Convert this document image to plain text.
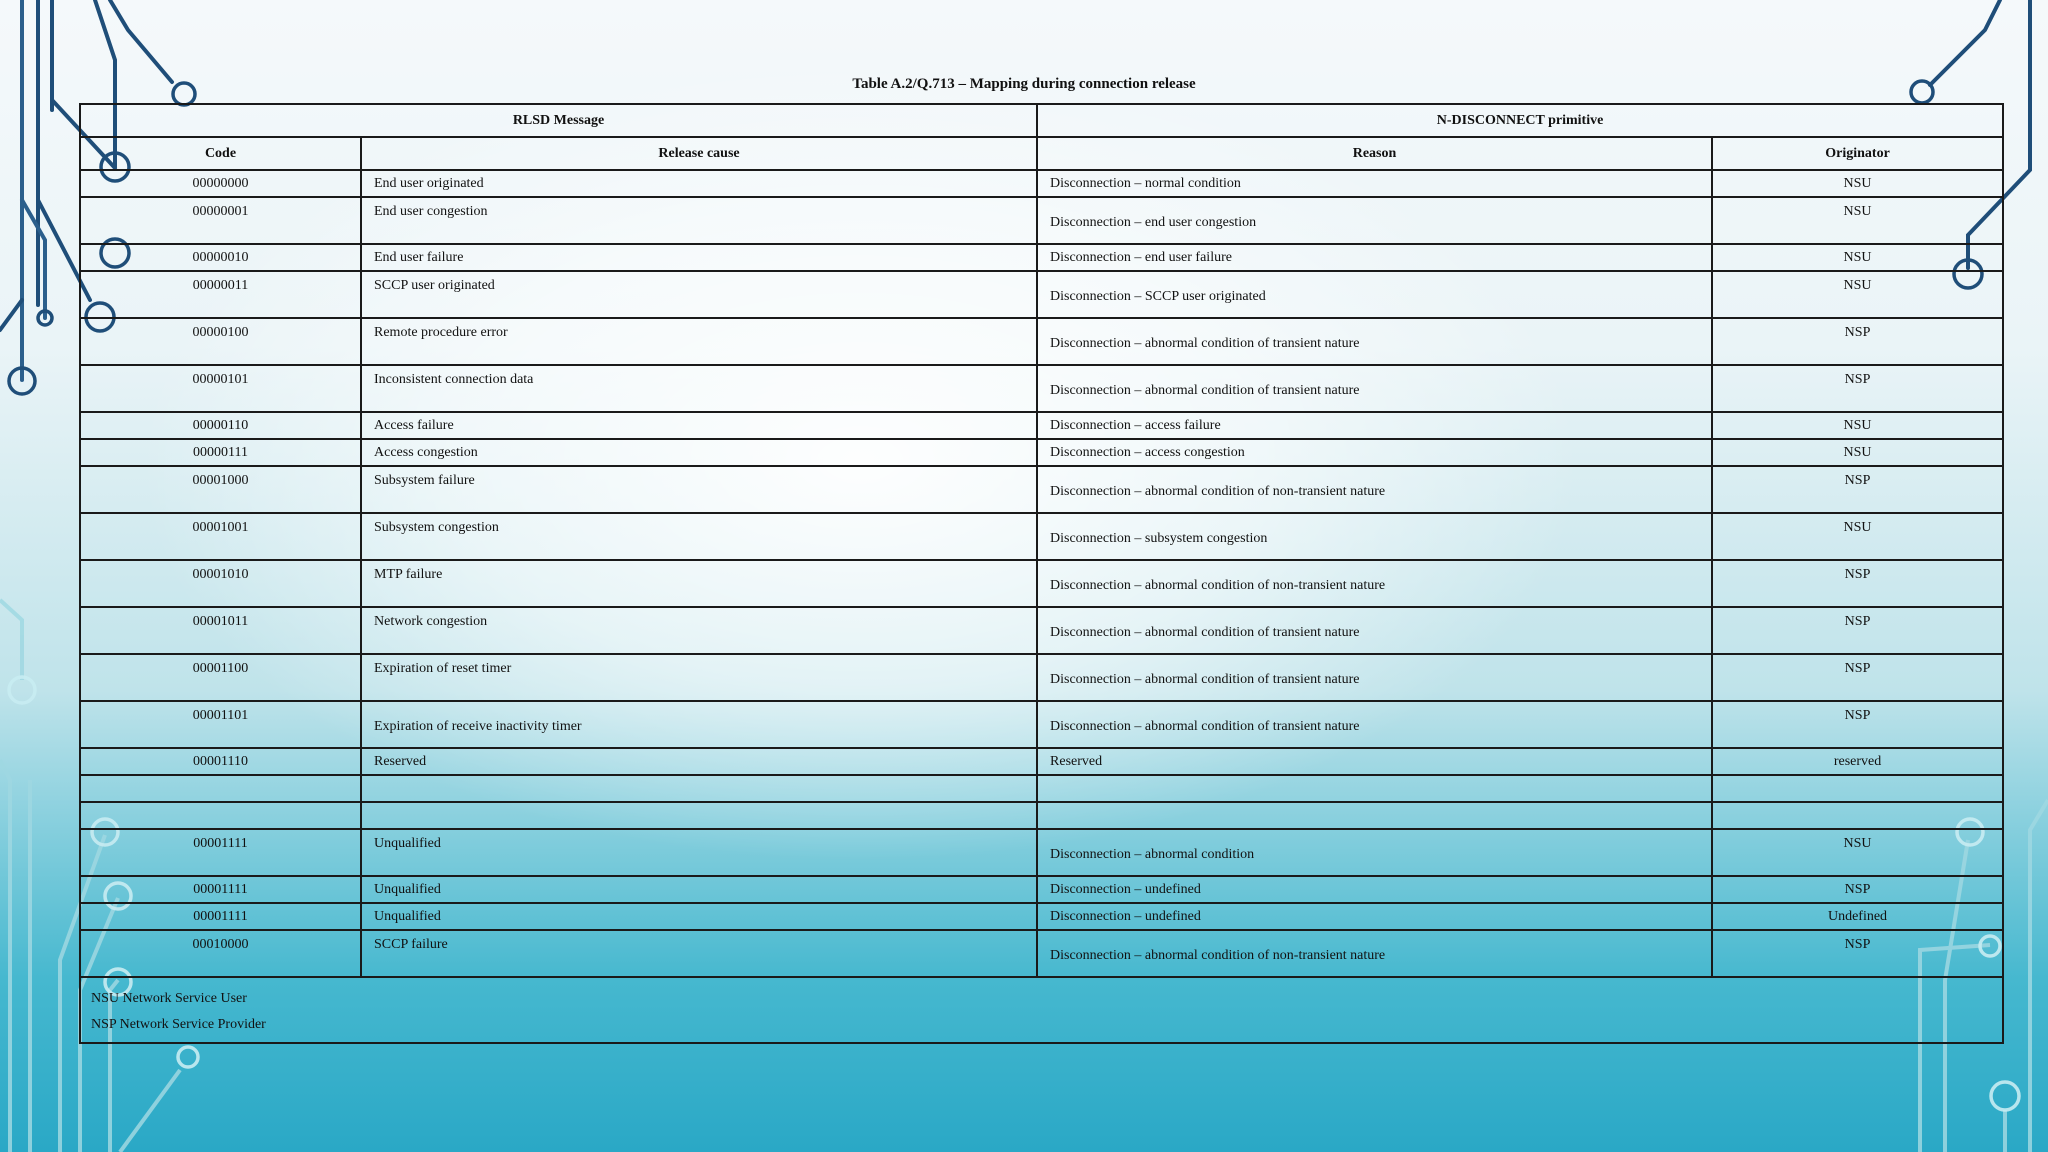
Table A.2/Q.713 – Mapping during connection release
RLSD Message		N-DISCONNECT primitive	
Code	Release cause	Reason	Originator
00000000	End user originated	Disconnection – normal condition	NSU
00000001	End user congestion	Disconnection – end user congestion	NSU
00000010	End user failure	Disconnection – end user failure	NSU
00000011	SCCP user originated	Disconnection – SCCP user originated	NSU
00000100	Remote procedure error	Disconnection – abnormal condition of transient nature	NSP
00000101	Inconsistent connection data	Disconnection – abnormal condition of transient nature	NSP
00000110	Access failure	Disconnection – access failure	NSU
00000111	Access congestion	Disconnection – access congestion	NSU
00001000	Subsystem failure	Disconnection – abnormal condition of non-transient nature	NSP
00001001	Subsystem congestion	Disconnection – subsystem congestion	NSU
00001010	MTP failure	Disconnection – abnormal condition of non-transient nature	NSP
00001011	Network congestion	Disconnection – abnormal condition of transient nature	NSP
00001100	Expiration of reset timer	Disconnection – abnormal condition of transient nature	NSP
00001101	Expiration of receive inactivity timer	Disconnection – abnormal condition of transient nature	NSP
00001110	Reserved	Reserved	reserved

00001111	Unqualified	Disconnection – abnormal condition	NSU
00001111	Unqualified	Disconnection – undefined	NSP
00001111	Unqualified	Disconnection – undefined	Undefined
00010000	SCCP failure	Disconnection – abnormal condition of non-transient nature	NSP

NSU Network Service User
NSP Network Service Provider			
